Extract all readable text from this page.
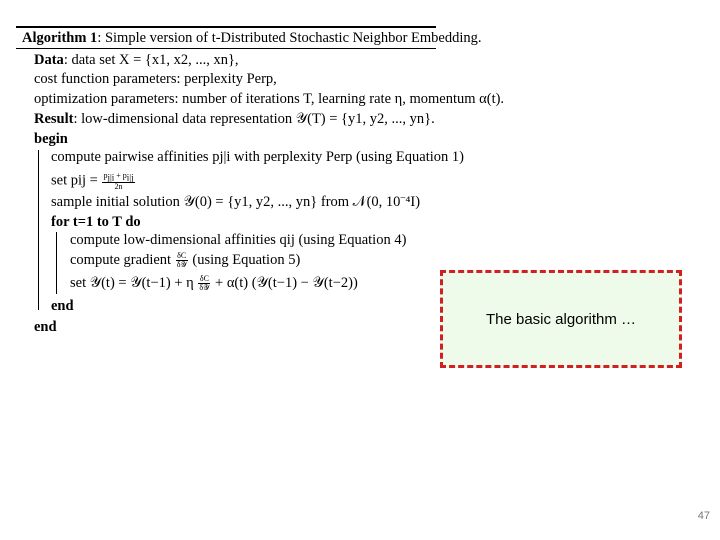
Algorithm 1: Simple version of t-Distributed Stochastic Neighbor Embedding.
Data: data set X = {x1, x2, ..., xn},
cost function parameters: perplexity Perp,
optimization parameters: number of iterations T, learning rate η, momentum α(t).
Result: low-dimensional data representation 𝒴(T) = {y1, y2, ..., yn}.
begin
compute pairwise affinities pj|i with perplexity Perp (using Equation 1)
set pij = $\frac{p_{j|i} + p_{i|j}}{2n}$
sample initial solution 𝒴(0) = {y1, y2, ..., yn} from 𝒩(0, 10⁻⁴I)
for t=1 to T do
compute low-dimensional affinities qij (using Equation 4)
compute gradient $\frac{\delta C}{\text{δ𝒴}} (using$ Equation 5)
set 𝒴(t) = 𝒴(t−1) + η $\frac{\delta C}{\text{δ𝒴}} + \alpha(t)$ (𝒴(t−1) − 𝒴(t−2))
end
end	The basic algorithm …
47
